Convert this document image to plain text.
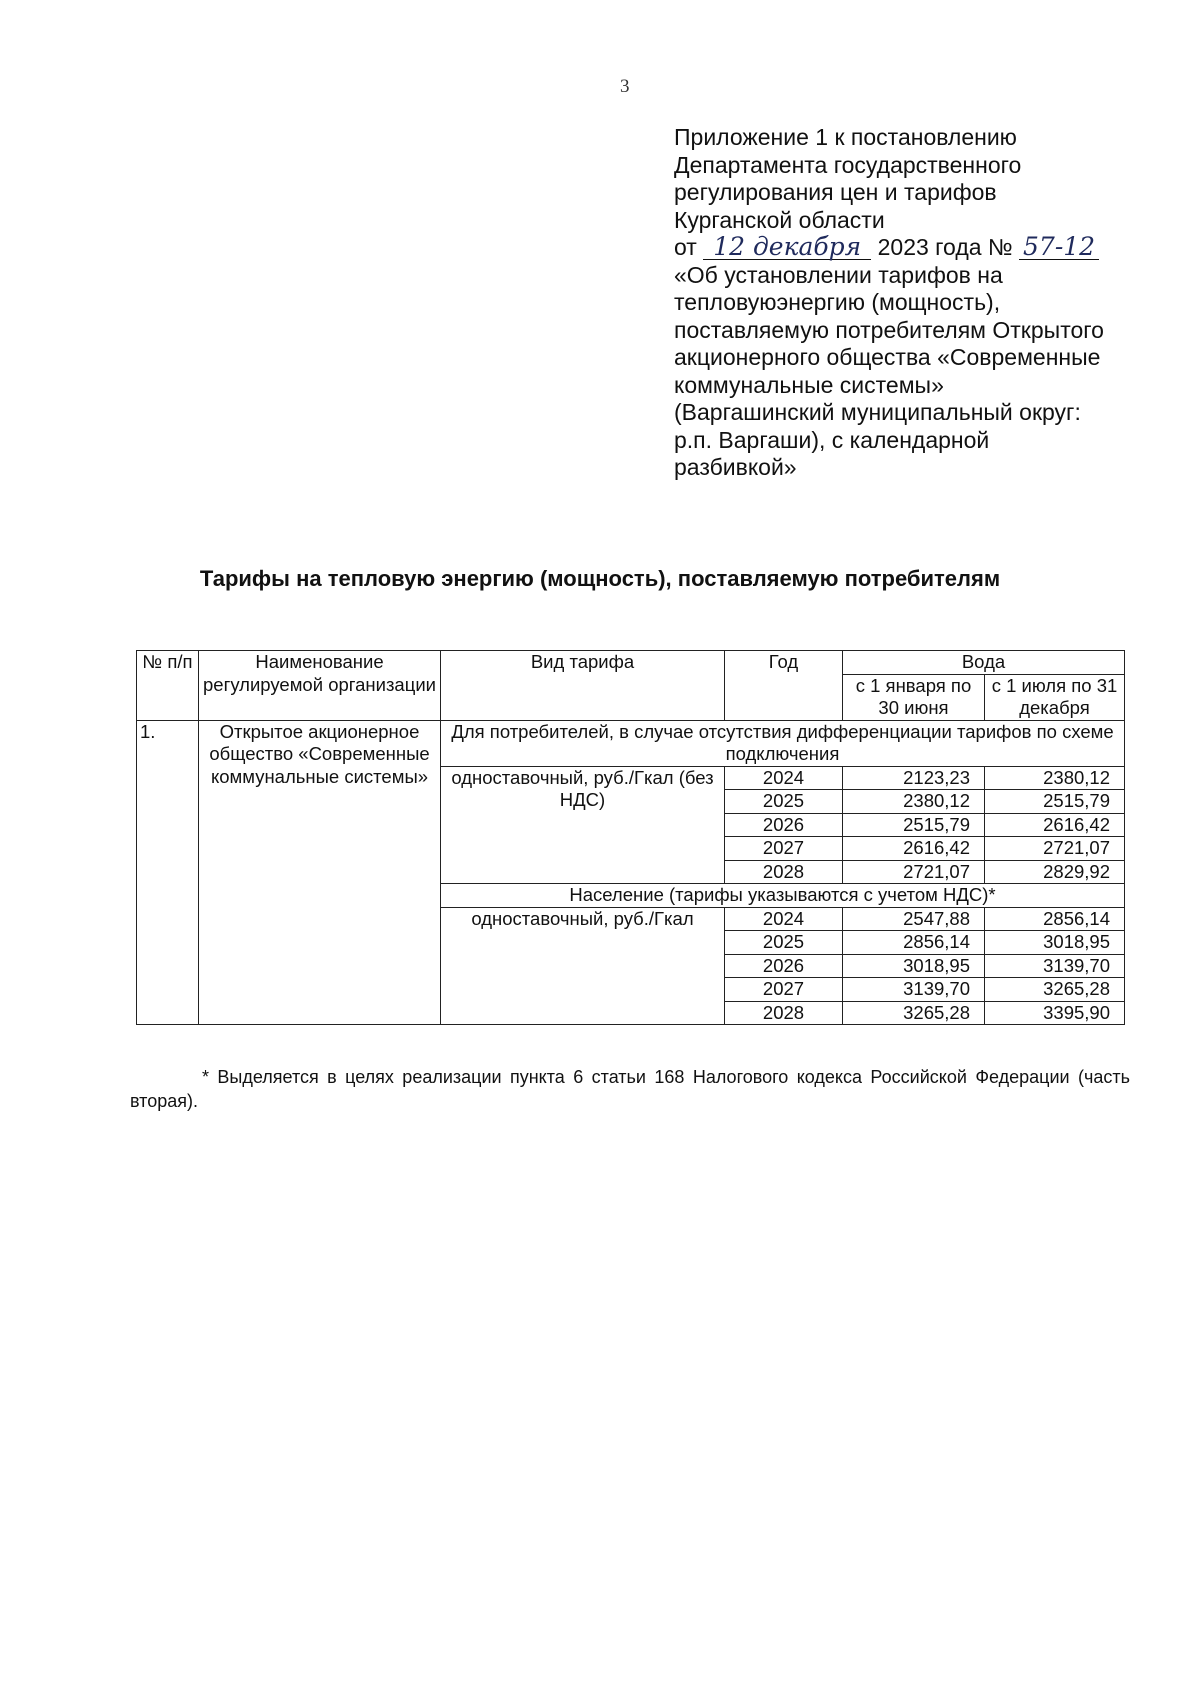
3
Приложение 1 к постановлению
Департамента государственного
регулирования цен и тарифов
Курганской области
от 12 декабря 2023 года № 57-12
«Об установлении тарифов на
тепловуюэнергию (мощность),
поставляемую потребителям Открытого
акционерного общества «Современные
коммунальные системы»
(Варгашинский муниципальный округ:
р.п. Варгаши), с календарной
разбивкой»
Тарифы на тепловую энергию (мощность), поставляемую потребителям
№ п/п	Наименование регулируемой организации	Вид тарифа	Год	Вода	
				с 1 января по 30 июня	с 1 июля по 31 декабря
1.	Открытое акционерное общество «Современные коммунальные системы»	Для потребителей, в случае отсутствия дифференциации тарифов по схеме подключения			
		одноставочный, руб./Гкал (без НДС)	2024	2123,23	2380,12
			2025	2380,12	2515,79
			2026	2515,79	2616,42
			2027	2616,42	2721,07
			2028	2721,07	2829,92
		Население (тарифы указываются с учетом НДС)*			
		одноставочный, руб./Гкал	2024	2547,88	2856,14
			2025	2856,14	3018,95
			2026	3018,95	3139,70
			2027	3139,70	3265,28
			2028	3265,28	3395,90
* Выделяется в целях реализации пункта 6 статьи 168 Налогового кодекса Российской Федерации (часть вторая).
